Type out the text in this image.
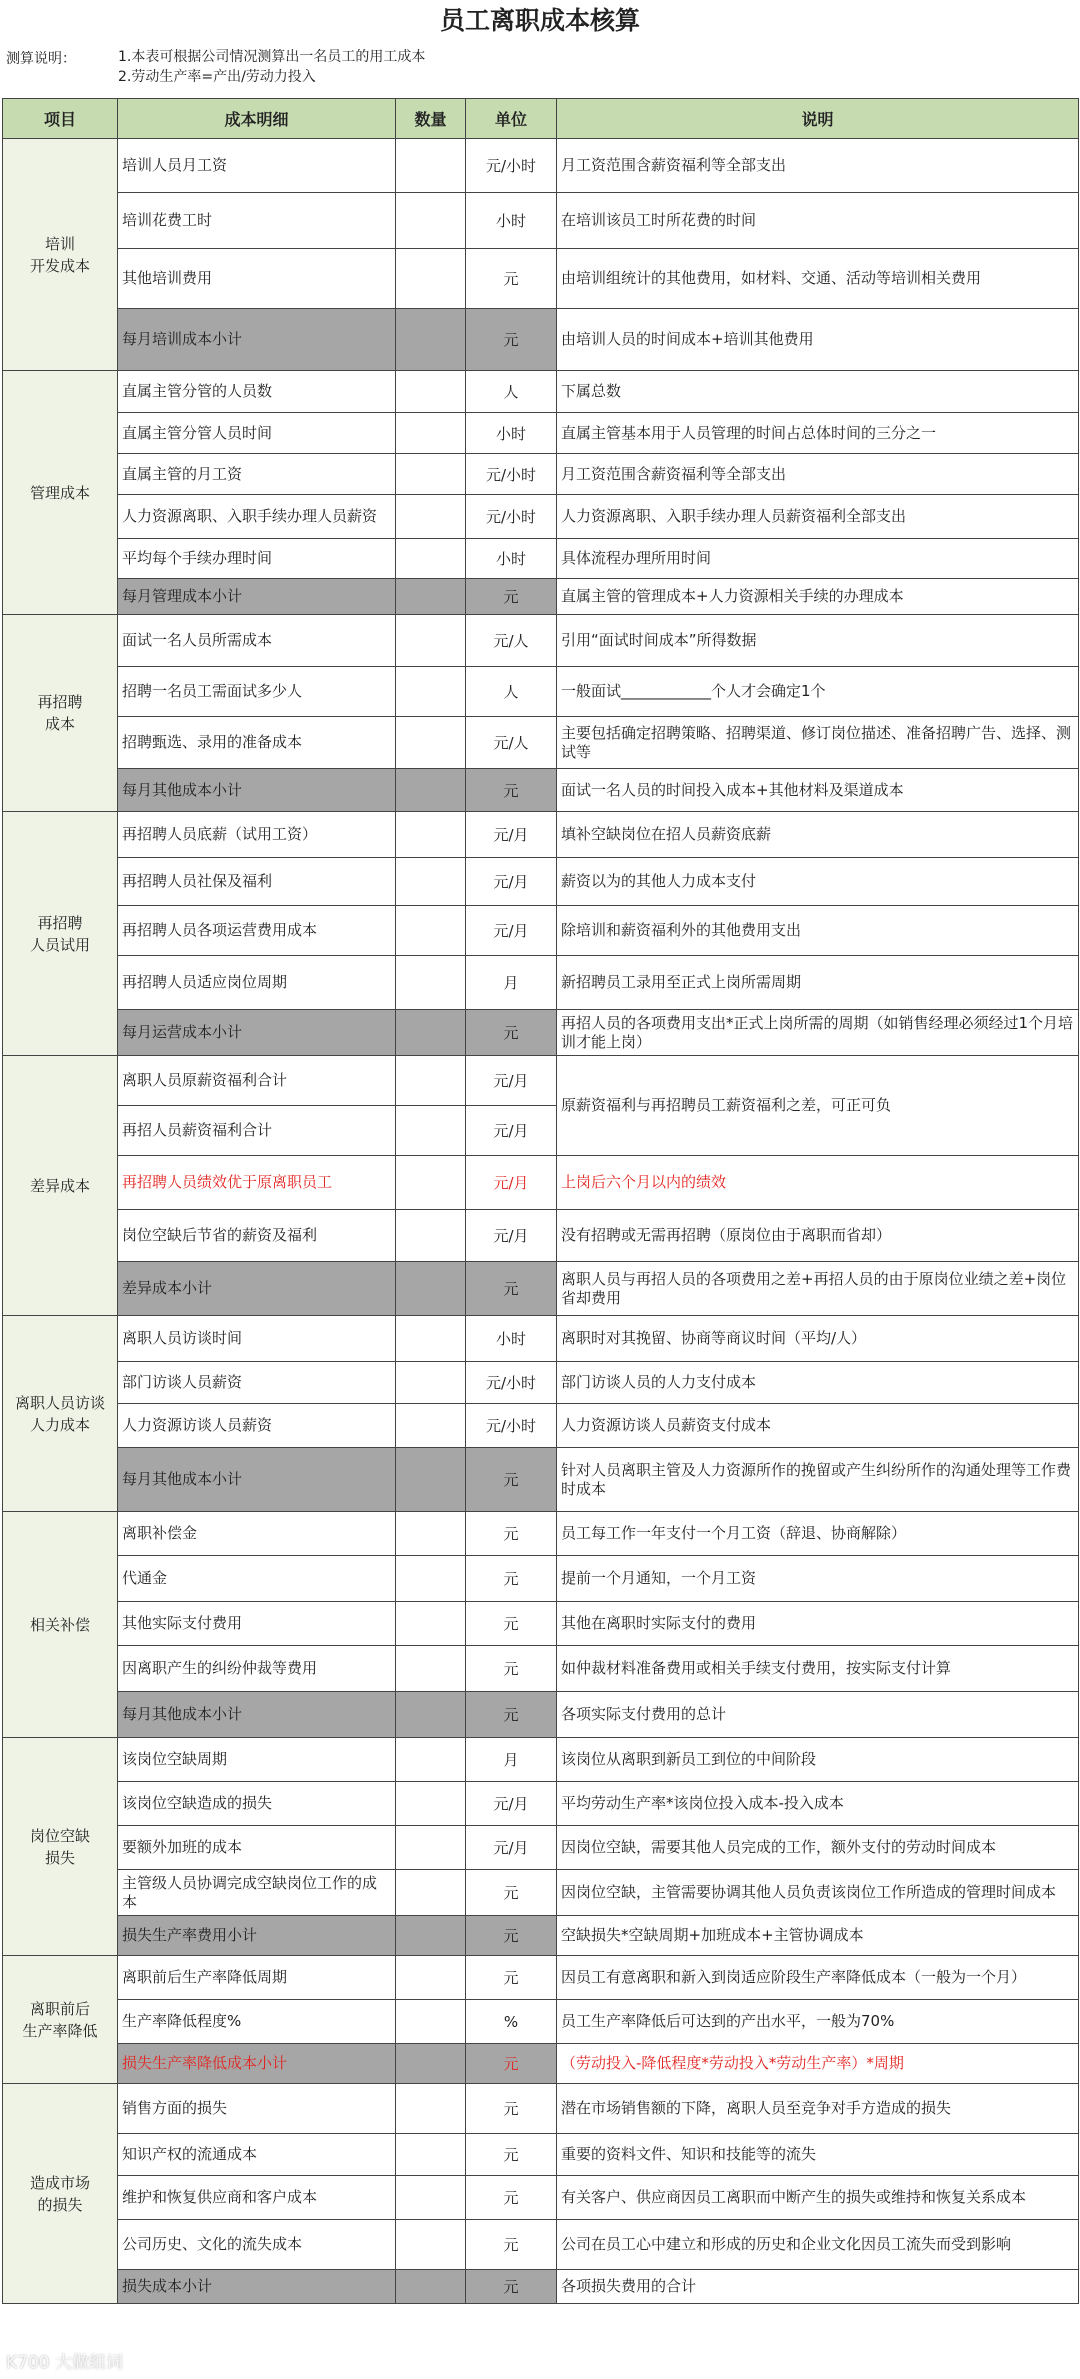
员工离职成本核算
测算说明：	1.本表可根据公司情况测算出一名员工的用工成本
2.劳动生产率=产出/劳动力投入
项目	成本明细	数量	单位	说明
培训
开发成本	培训人员月工资		元/小时	月工资范围含薪资福利等全部支出
	培训花费工时		小时	在培训该员工时所花费的时间
	其他培训费用		元	由培训组统计的其他费用，如材料、交通、活动等培训相关费用
	每月培训成本小计		元	由培训人员的时间成本+培训其他费用
管理成本	直属主管分管的人员数		人	下属总数
	直属主管分管人员时间		小时	直属主管基本用于人员管理的时间占总体时间的三分之一
	直属主管的月工资		元/小时	月工资范围含薪资福利等全部支出
	人力资源离职、入职手续办理人员薪资		元/小时	人力资源离职、入职手续办理人员薪资福利全部支出
	平均每个手续办理时间		小时	具体流程办理所用时间
	每月管理成本小计		元	直属主管的管理成本+人力资源相关手续的办理成本
再招聘
成本	面试一名人员所需成本		元/人	引用“面试时间成本”所得数据
	招聘一名员工需面试多少人		人	一般面试____________个人才会确定1个
	招聘甄选、录用的准备成本		元/人	主要包括确定招聘策略、招聘渠道、修订岗位描述、准备招聘广告、选择、测试等
	每月其他成本小计		元	面试一名人员的时间投入成本+其他材料及渠道成本
再招聘
人员试用	再招聘人员底薪（试用工资）		元/月	填补空缺岗位在招人员薪资底薪
	再招聘人员社保及福利		元/月	薪资以为的其他人力成本支付
	再招聘人员各项运营费用成本		元/月	除培训和薪资福利外的其他费用支出
	再招聘人员适应岗位周期		月	新招聘员工录用至正式上岗所需周期
	每月运营成本小计		元	再招人员的各项费用支出*正式上岗所需的周期（如销售经理必须经过1个月培训才能上岗）
差异成本	离职人员原薪资福利合计		元/月	原薪资福利与再招聘员工薪资福利之差，可正可负
	再招人员薪资福利合计		元/月	
	再招聘人员绩效优于原离职员工		元/月	上岗后六个月以内的绩效
	岗位空缺后节省的薪资及福利		元/月	没有招聘或无需再招聘（原岗位由于离职而省却）
	差异成本小计		元	离职人员与再招人员的各项费用之差+再招人员的由于原岗位业绩之差+岗位省却费用
离职人员访谈
人力成本	离职人员访谈时间		小时	离职时对其挽留、协商等商议时间（平均/人）
	部门访谈人员薪资		元/小时	部门访谈人员的人力支付成本
	人力资源访谈人员薪资		元/小时	人力资源访谈人员薪资支付成本
	每月其他成本小计		元	针对人员离职主管及人力资源所作的挽留或产生纠纷所作的沟通处理等工作费时成本
相关补偿	离职补偿金		元	员工每工作一年支付一个月工资（辞退、协商解除）
	代通金		元	提前一个月通知，一个月工资
	其他实际支付费用		元	其他在离职时实际支付的费用
	因离职产生的纠纷仲裁等费用		元	如仲裁材料准备费用或相关手续支付费用，按实际支付计算
	每月其他成本小计		元	各项实际支付费用的总计
岗位空缺
损失	该岗位空缺周期		月	该岗位从离职到新员工到位的中间阶段
	该岗位空缺造成的损失		元/月	平均劳动生产率*该岗位投入成本-投入成本
	要额外加班的成本		元/月	因岗位空缺，需要其他人员完成的工作，额外支付的劳动时间成本
	主管级人员协调完成空缺岗位工作的成本		元	因岗位空缺，主管需要协调其他人员负责该岗位工作所造成的管理时间成本
	损失生产率费用小计		元	空缺损失*空缺周期+加班成本+主管协调成本
离职前后
生产率降低	离职前后生产率降低周期		元	因员工有意离职和新入到岗适应阶段生产率降低成本（一般为一个月）
	生产率降低程度%		%	员工生产率降低后可达到的产出水平，一般为70%
	损失生产率降低成本小计		元	（劳动投入-降低程度*劳动投入*劳动生产率）*周期
造成市场
的损失	销售方面的损失		元	潜在市场销售额的下降，离职人员至竞争对手方造成的损失
	知识产权的流通成本		元	重要的资料文件、知识和技能等的流失
	维护和恢复供应商和客户成本		元	有关客户、供应商因员工离职而中断产生的损失或维持和恢复关系成本
	公司历史、文化的流失成本		元	公司在员工心中建立和形成的历史和企业文化因员工流失而受到影响
	损失成本小计		元	各项损失费用的合计
K700 大做组词
